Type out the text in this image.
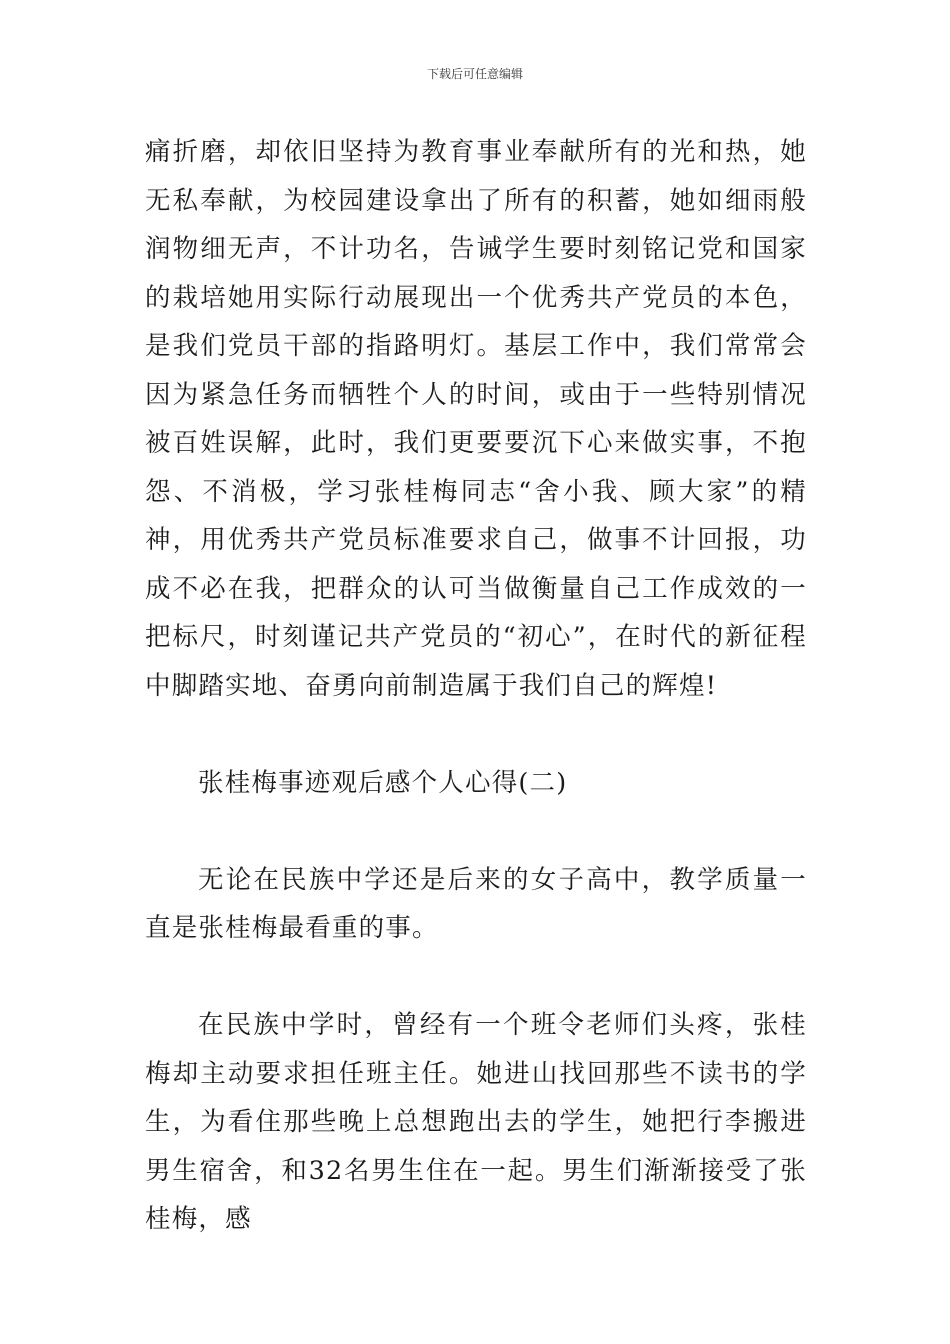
下载后可任意编辑

痛折磨，却依旧坚持为教育事业奉献所有的光和热，她无私奉献，为校园建设拿出了所有的积蓄，她如细雨般润物细无声，不计功名，告诫学生要时刻铭记党和国家的栽培她用实际行动展现出一个优秀共产党员的本色，是我们党员干部的指路明灯。基层工作中，我们常常会因为紧急任务而牺牲个人的时间，或由于一些特别情况被百姓误解，此时，我们更要要沉下心来做实事，不抱怨、不消极，学习张桂梅同志“舍小我、顾大家”的精神，用优秀共产党员标准要求自己，做事不计回报，功成不必在我，把群众的认可当做衡量自己工作成效的一把标尺，时刻谨记共产党员的“初心”，在时代的新征程中脚踏实地、奋勇向前制造属于我们自己的辉煌!

张桂梅事迹观后感个人心得(二)

无论在民族中学还是后来的女子高中，教学质量一直是张桂梅最看重的事。

在民族中学时，曾经有一个班令老师们头疼，张桂梅却主动要求担任班主任。她进山找回那些不读书的学生，为看住那些晚上总想跑出去的学生，她把行李搬进男生宿舍，和32名男生住在一起。男生们渐渐接受了张桂梅，感
